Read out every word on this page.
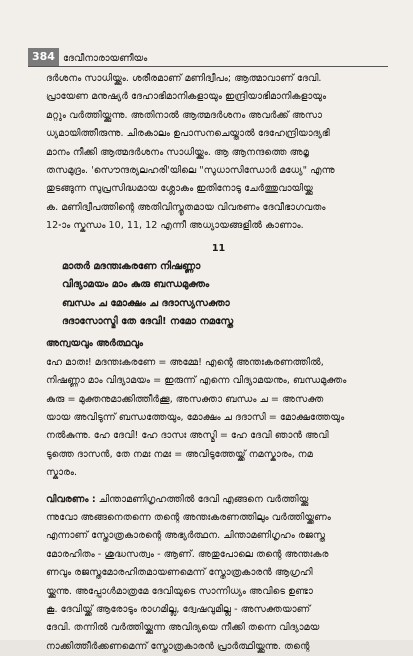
384 ദേവീനാരായണീയം
ദർശനം സാധിയ്ക്കും. ശരീരമാണ് മണിദ്വീപം; ആത്മാവാണ് ദേവി.
പ്രായേണ മനുഷ്യർ ദേഹാഭിമാനികളായും ഇന്ദ്രിയാഭിമാനികളായും
മറ്റും വർത്തിയ്ക്കുന്നു. അതിനാൽ ആത്മദർശനം അവർക്ക് അസാ
ധ്യമായിത്തീരുന്നു. ചിരകാലം ഉപാസനചെയ്താൽ ദേഹേന്ദ്രിയാദ്യഭി
മാനം നീക്കി ആത്മദർശനം സാധിയ്ക്കും. ആ ആനന്ദത്തെ അമൃ
തസമുദ്രം. 'സൌന്ദര്യലഹരി'യിലെ "സുധാസിന്ധോർ മധ്യേ" എന്നു
തുടങ്ങുന്ന സുപ്രസിദ്ധമായ ശ്ലോകം ഇതിനോടു ചേർത്തുവായിയ്ക്കു
ക. മണിദ്വീപത്തിന്റെ അതിവിസ്തൃതമായ വിവരണം ദേവീഭാഗവതം
12-ാം സ്കന്ധം 10, 11, 12 എന്നീ അധ്യായങ്ങളിൽ കാണാം.
11
മാതർ മദന്തഃകരണേ നിഷണ്ണാ
വിദ്യാമയം മാം കുരു ബന്ധമുക്തം
ബന്ധം ച മോക്ഷം ച ദദാസ്യസക്താ
ദദാസോസ്മി തേ ദേവി! നമോ നമസ്തേ
അന്വയവും അർത്ഥവും
ഹേ മാതഃ! മദന്തഃകരണേ = അമ്മേ! എന്റെ അന്തഃകരണത്തിൽ,
നിഷണ്ണാ മാം വിദ്യാമയം = ഇരുന്ന് എന്നെ വിദ്യാമയനും, ബന്ധമുക്തം
കുരു = മുക്തനുമാക്കിത്തീർക്കൂ, അസക്താ ബന്ധം ച = അസക്ത
യായ അവിടുന്ന് ബന്ധത്തേയും, മോക്ഷം ച ദദാസി = മോക്ഷത്തേയും
നൽകുന്നു. ഹേ ദേവി! ഹേ ദാസഃ അസ്മി = ഹേ ദേവി ഞാൻ അവി
ടുത്തെ ദാസൻ, തേ നമഃ നമഃ = അവിടുത്തേയ്ക്ക് നമസ്കാരം, നമ
സ്കാരം.
വിവരണം : ചിന്താമണിഗൃഹത്തിൽ ദേവി എങ്ങനെ വർത്തിയ്ക്കു
ന്നുവോ അങ്ങനെതന്നെ തന്റെ അന്തഃകരണത്തിലും വർത്തിയ്ക്കണം
എന്നാണ് സ്തോത്രകാരന്റെ അഭ്യർത്ഥന. ചിന്താമണിഗൃഹം രജസ്ത
മോരഹിതം - ശുദ്ധസത്വം - ആണ്. അതുപോലെ തന്റെ അന്തഃകര
ണവും രജസ്തമോരഹിതമായണമെന്ന് സ്തോത്രകാരൻ ആഗ്രഹി
യ്ക്കുന്നു. അപ്പോൾമാത്രമേ ദേവിയുടെ സാന്നിധ്യം അവിടെ ഉണ്ടാ
കൂ. ദേവിയ്ക്ക് ആരോടും രാഗമില്ല, ദ്വേഷവുമില്ല - അസക്തയാണ്
ദേവി. തന്നിൽ വർത്തിയ്ക്കുന്ന അവിദ്യയെ നീക്കി തന്നെ വിദ്യാമയ
നാക്കിത്തീർക്കണമെന്ന് സ്തോത്രകാരൻ പ്രാർത്ഥിയ്ക്കുന്നു. തന്റെ
